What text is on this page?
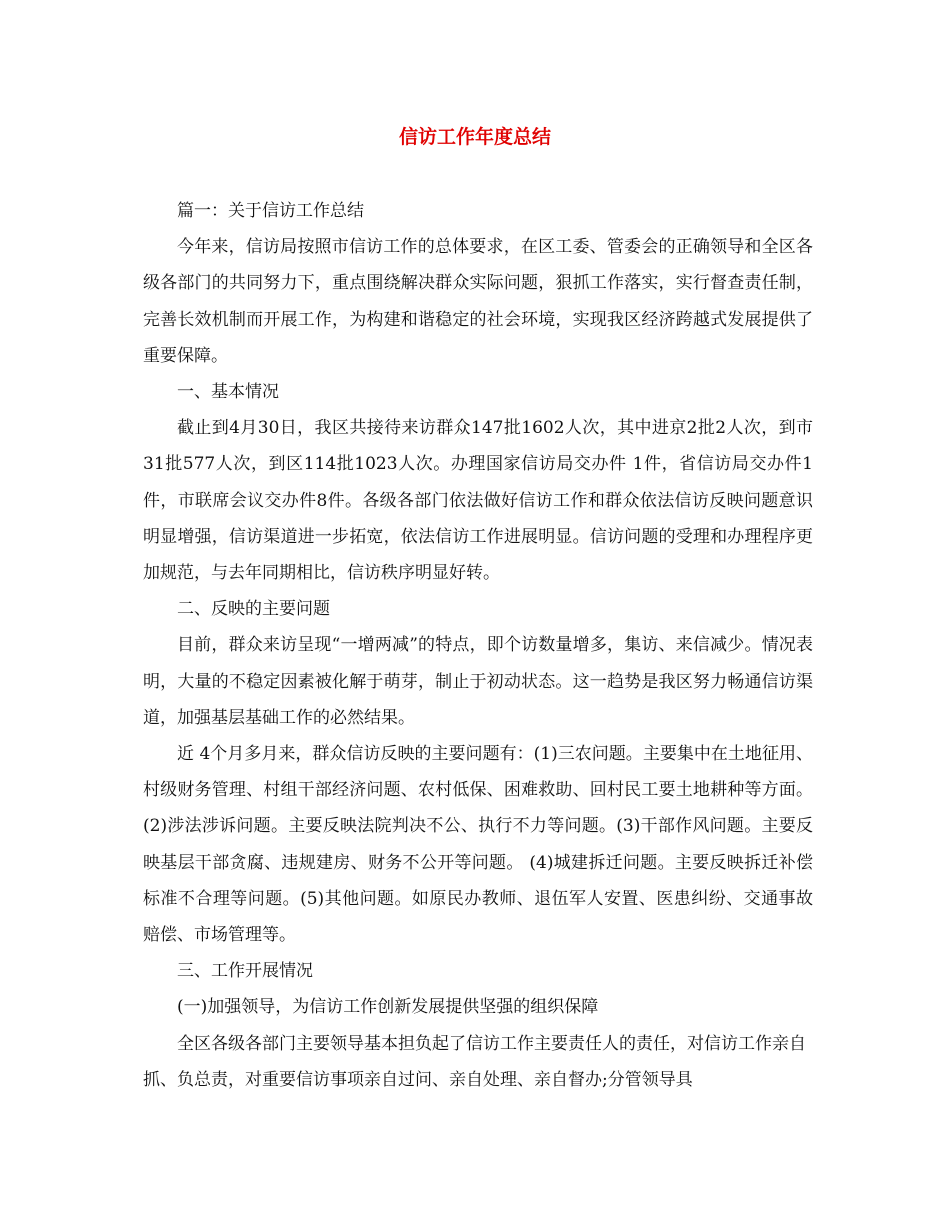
信访工作年度总结

篇一：关于信访工作总结

今年来，信访局按照市信访工作的总体要求，在区工委、管委会的正确领导和全区各级各部门的共同努力下，重点围绕解决群众实际问题，狠抓工作落实，实行督查责任制，完善长效机制而开展工作，为构建和谐稳定的社会环境，实现我区经济跨越式发展提供了重要保障。

一、基本情况

截止到4月30日，我区共接待来访群众147批1602人次，其中进京2批2人次，到市31批577人次，到区114批1023人次。办理国家信访局交办件 1件，省信访局交办件1件，市联席会议交办件8件。各级各部门依法做好信访工作和群众依法信访反映问题意识明显增强，信访渠道进一步拓宽，依法信访工作进展明显。信访问题的受理和办理程序更加规范，与去年同期相比，信访秩序明显好转。

二、反映的主要问题

目前，群众来访呈现“一增两减”的特点，即个访数量增多，集访、来信减少。情况表明，大量的不稳定因素被化解于萌芽，制止于初动状态。这一趋势是我区努力畅通信访渠道，加强基层基础工作的必然结果。

近 4个月多月来，群众信访反映的主要问题有：(1)三农问题。主要集中在土地征用、村级财务管理、村组干部经济问题、农村低保、困难救助、回村民工要土地耕种等方面。(2)涉法涉诉问题。主要反映法院判决不公、执行不力等问题。(3)干部作风问题。主要反映基层干部贪腐、违规建房、财务不公开等问题。 (4)城建拆迁问题。主要反映拆迁补偿标准不合理等问题。(5)其他问题。如原民办教师、退伍军人安置、医患纠纷、交通事故赔偿、市场管理等。

三、工作开展情况

(一)加强领导，为信访工作创新发展提供坚强的组织保障

全区各级各部门主要领导基本担负起了信访工作主要责任人的责任，对信访工作亲自抓、负总责，对重要信访事项亲自过问、亲自处理、亲自督办;分管领导具
